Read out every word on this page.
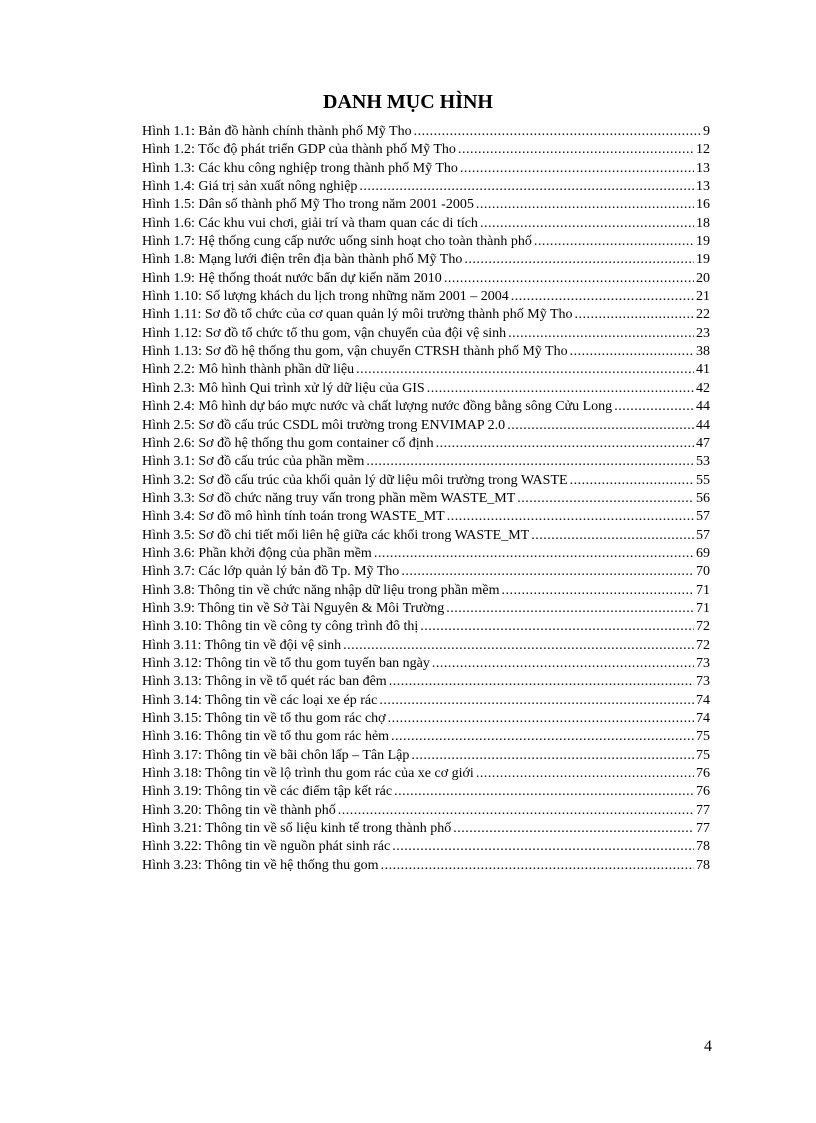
DANH MỤC HÌNH
Hình 1.1: Bản đồ hành chính thành phố Mỹ Tho .....	9
Hình 1.2: Tốc độ phát triển GDP của thành phố Mỹ Tho .....	12
Hình 1.3: Các khu công nghiệp trong thành phố Mỹ Tho .....	13
Hình 1.4: Giá trị sản xuất nông nghiệp .....	13
Hình 1.5: Dân số thành phố Mỹ Tho trong năm 2001 -2005 .....	16
Hình 1.6: Các khu vui chơi, giải trí và tham quan các di tích .....	18
Hình 1.7: Hệ thống cung cấp nước uống sinh hoạt cho toàn thành phố .....	19
Hình 1.8: Mạng lưới điện trên địa bàn thành phố Mỹ Tho .....	19
Hình 1.9: Hệ thống thoát nước bẩn dự kiến năm 2010 .....	20
Hình 1.10: Số lượng khách du lịch trong những năm 2001 – 2004 .....	21
Hình 1.11: Sơ đồ tổ chức của cơ quan quản lý môi trường thành phố Mỹ Tho .....	22
Hình 1.12: Sơ đồ tổ chức tổ thu gom, vận chuyển của đội vệ sinh .....	23
Hình 1.13: Sơ đồ hệ thống thu gom, vận chuyển CTRSH thành phố Mỹ Tho .....	38
Hình 2.2: Mô hình thành phần dữ liệu .....	41
Hình 2.3: Mô hình Qui trình xử lý dữ liệu của GIS .....	42
Hình 2.4: Mô hình dự báo mực nước và chất lượng nước đồng bằng sông Cửu Long .....	44
Hình 2.5: Sơ đồ cấu trúc CSDL môi trường trong ENVIMAP 2.0 .....	44
Hình 2.6: Sơ đồ hệ thống thu gom container cố định .....	47
Hình 3.1: Sơ đồ cấu trúc của phần mềm .....	53
Hình 3.2: Sơ đồ cấu trúc của khối quản lý dữ liệu môi trường trong WASTE .....	55
Hình 3.3: Sơ đồ chức năng truy vấn trong phần mềm WASTE_MT .....	56
Hình 3.4: Sơ đồ mô hình tính toán trong WASTE_MT .....	57
Hình 3.5: Sơ đồ chi tiết mối liên hệ giữa các khối trong WASTE_MT .....	57
Hình 3.6: Phần khởi động của phần mềm .....	69
Hình 3.7: Các lớp quản lý bản đồ Tp. Mỹ Tho .....	70
Hình 3.8: Thông tin về chức năng nhập dữ liệu trong phần mềm .....	71
Hình 3.9: Thông tin về Sở Tài Nguyên & Môi Trường .....	71
Hình 3.10: Thông tin về công ty công trình đô thị .....	72
Hình 3.11: Thông tin về đội vệ sinh .....	72
Hình 3.12: Thông tin về tổ thu gom tuyến ban ngày .....	73
Hình 3.13: Thông in về tổ quét rác ban đêm .....	73
Hình 3.14: Thông tin về các loại xe ép rác .....	74
Hình 3.15: Thông tin về tổ thu gom rác chợ .....	74
Hình 3.16: Thông tin về tổ thu gom rác hẻm .....	75
Hình 3.17: Thông tin về bãi chôn lấp – Tân Lập .....	75
Hình 3.18: Thông tin về lộ trình thu gom rác của xe cơ giới .....	76
Hình 3.19: Thông tin về các điểm tập kết rác .....	76
Hình 3.20: Thông tin về thành phố .....	77
Hình 3.21: Thông tin về số liệu kinh tế trong thành phố .....	77
Hình 3.22: Thông tin về nguồn phát sinh rác .....	78
Hình 3.23: Thông tin về hệ thống thu gom .....	78
4
